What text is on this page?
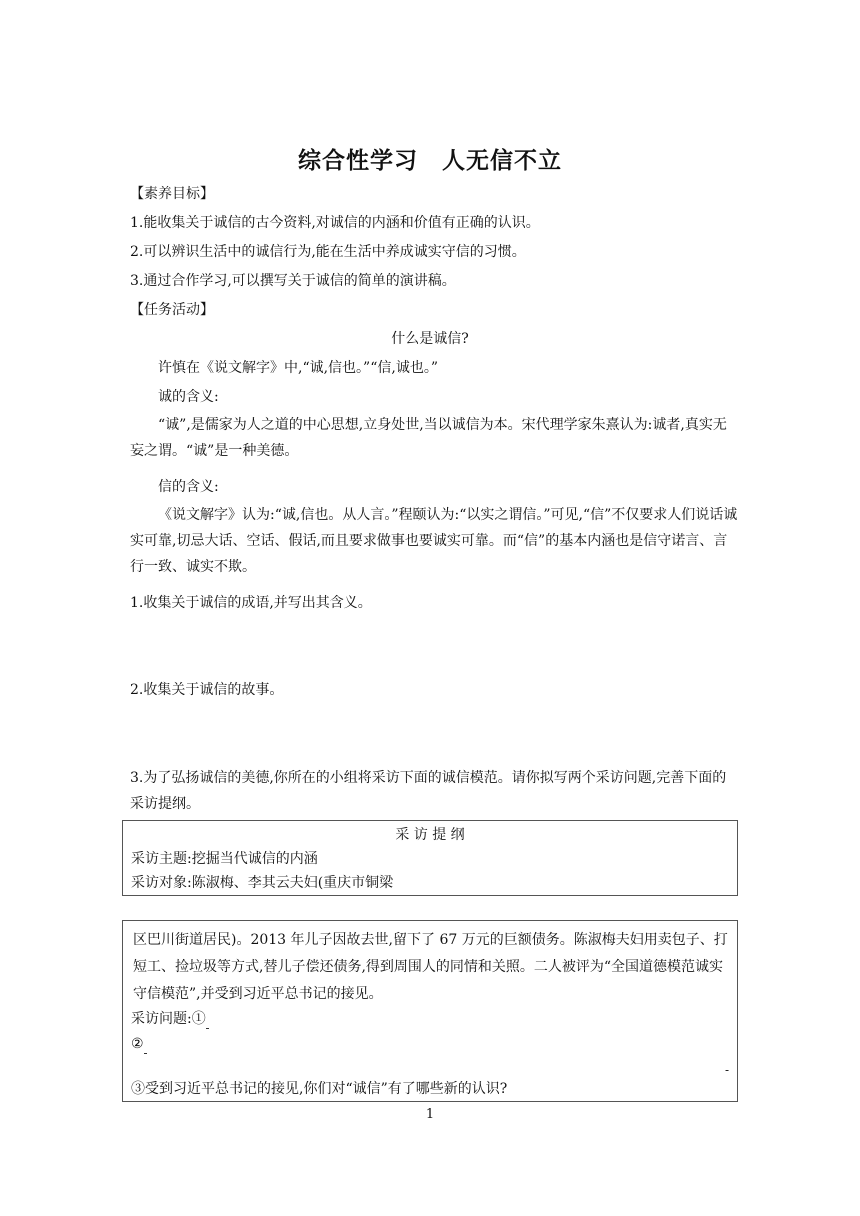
综合性学习　人无信不立
【素养目标】
1.能收集关于诚信的古今资料,对诚信的内涵和价值有正确的认识。
2.可以辨识生活中的诚信行为,能在生活中养成诚实守信的习惯。
3.通过合作学习,可以撰写关于诚信的简单的演讲稿。
【任务活动】
什么是诚信?
许慎在《说文解字》中,“诚,信也。”“信,诚也。”
诚的含义:
“诚”,是儒家为人之道的中心思想,立身处世,当以诚信为本。宋代理学家朱熹认为:诚者,真实无妄之谓。“诚”是一种美德。
信的含义:
《说文解字》认为:“诚,信也。从人言。”程颐认为:“以实之谓信。”可见,“信”不仅要求人们说话诚实可靠,切忌大话、空话、假话,而且要求做事也要诚实可靠。而“信”的基本内涵也是信守诺言、言行一致、诚实不欺。
1.收集关于诚信的成语,并写出其含义。
2.收集关于诚信的故事。
3.为了弘扬诚信的美德,你所在的小组将采访下面的诚信模范。请你拟写两个采访问题,完善下面的采访提纲。
采 访 提 纲
采访主题:挖掘当代诚信的内涵
采访对象:陈淑梅、李其云夫妇(重庆市铜梁
区巴川街道居民)。2013 年儿子因故去世,留下了 67 万元的巨额债务。陈淑梅夫妇用卖包子、打短工、捡垃圾等方式,替儿子偿还债务,得到周围人的同情和关照。二人被评为“全国道德模范诚实守信模范”,并受到习近平总书记的接见。
采访问题:①
②
-
③受到习近平总书记的接见,你们对“诚信”有了哪些新的认识?
1
